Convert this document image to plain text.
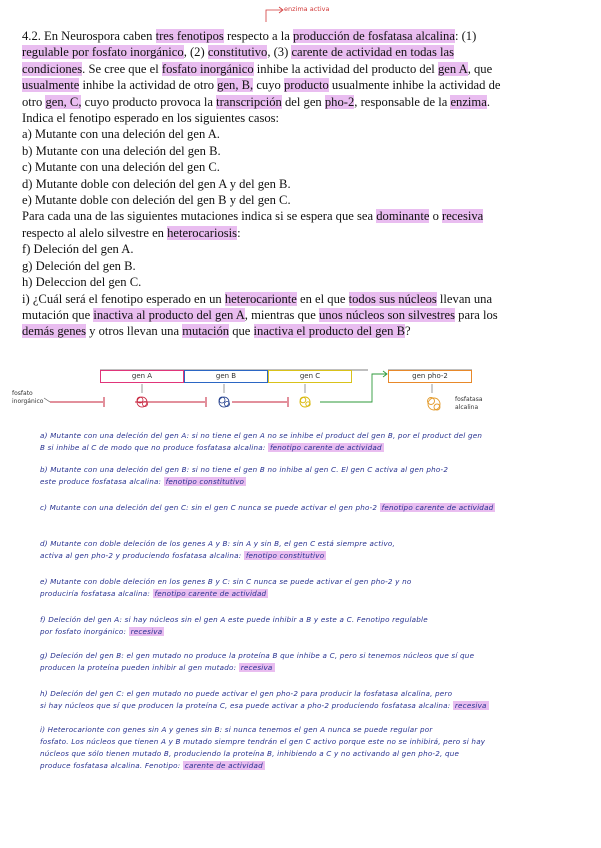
enzima activa

4.2. En Neurospora caben tres fenotipos respecto a la producción de fosfatasa alcalina: (1)

regulable por fosfato inorgánico, (2) constitutivo, (3) carente de actividad en todas las

condiciones. Se cree que el fosfato inorgánico inhibe la actividad del producto del gen A, que

usualmente inhibe la actividad de otro gen, B, cuyo producto usualmente inhibe la actividad de

otro gen, C, cuyo producto provoca la transcripción del gen pho-2, responsable de la enzima.

Indica el fenotipo esperado en los siguientes casos:

a) Mutante con una deleción del gen A.

b) Mutante con una deleción del gen B.

c) Mutante con una deleción del gen C.

d) Mutante doble con deleción del gen A y del gen B.

e) Mutante doble con deleción del gen B y del gen C.

Para cada una de las siguientes mutaciones indica si se espera que sea dominante o recesiva

respecto al alelo silvestre en heterocariosis:

f) Deleción del gen A.

g) Deleción del gen B.

h) Deleccion del gen C.

i) ¿Cuál será el fenotipo esperado en un heterocarionte en el que todos sus núcleos llevan una

mutación que inactiva al producto del gen A, mientras que unos núcleos son silvestres para los

demás genes y otros llevan una mutación que inactiva el producto del gen B?

gen A	gen B	gen C	gen pho-2
fosfato inorgánico	fosfatasa alcalina
a) Mutante con una deleción del gen A: si no tiene el gen A no se inhibe el product del gen B, por el product del gen
B si inhibe al C de modo que no produce fosfatasa alcalina: fenotipo carente de actividad
b) Mutante con una deleción del gen B: si no tiene el gen B no inhibe al gen C. El gen C activa al gen pho-2
este produce fosfatasa alcalina: fenotipo constitutivo
c) Mutante con una deleción del gen C: sin el gen C nunca se puede activar el gen pho-2 fenotipo carente de actividad
d) Mutante con doble deleción de los genes A y B: sin A y sin B, el gen C está siempre activo,
activa al gen pho-2 y produciendo fosfatasa alcalina: fenotipo constitutivo
e) Mutante con doble deleción en los genes B y C: sin C nunca se puede activar el gen pho-2 y no
produciría fosfatasa alcalina: fenotipo carente de actividad
f) Deleción del gen A: si hay núcleos sin el gen A este puede inhibir a B y este a C. Fenotipo regulable
por fosfato inorgánico: recesiva
g) Deleción del gen B: el gen mutado no produce la proteína B que inhibe a C, pero si tenemos núcleos que sí que
producen la proteína pueden inhibir al gen mutado: recesiva
h) Deleción del gen C: el gen mutado no puede activar el gen pho-2 para producir la fosfatasa alcalina, pero
si hay núcleos que sí que producen la proteína C, esa puede activar a pho-2 produciendo fosfatasa alcalina: recesiva
i) Heterocarionte con genes sin A y genes sin B: si nunca tenemos el gen A nunca se puede regular por
fosfato. Los núcleos que tienen A y B mutado siempre tendrán el gen C activo porque este no se inhibirá, pero si hay
núcleos que sólo tienen mutado B, produciendo la proteína B, inhibiendo a C y no activando al gen pho-2, que
produce fosfatasa alcalina. Fenotipo: carente de actividad
